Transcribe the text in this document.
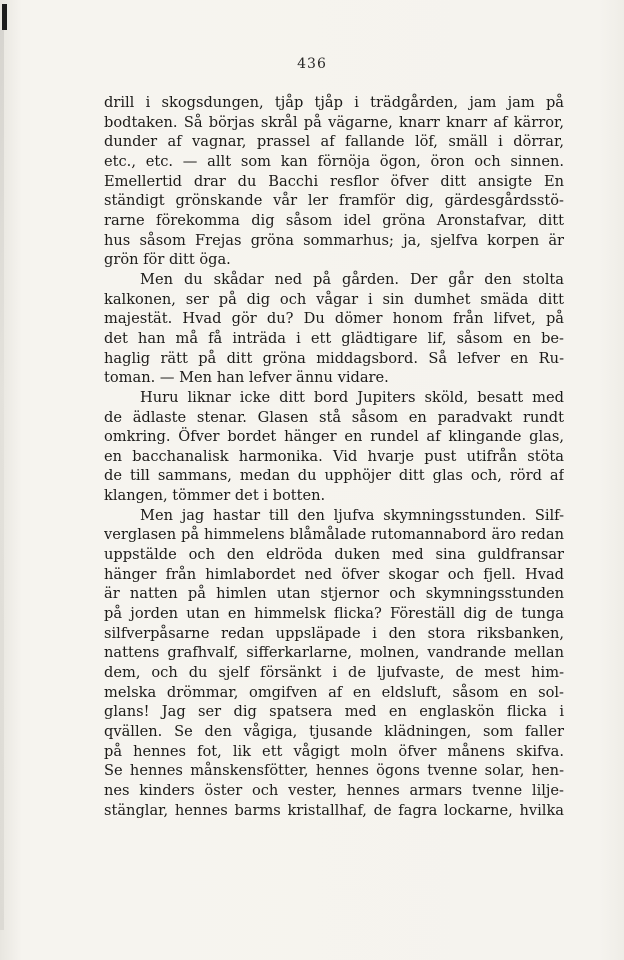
436
drill i skogsdungen, tjåp tjåp i trädgården, jam jam på
bodtaken. Så börjas skrål på vägarne, knarr knarr af kärror,
dunder af vagnar, prassel af fallande löf, smäll i dörrar,
etc., etc. — allt som kan förnöja ögon, öron och sinnen.
Emellertid drar du Bacchi resflor öfver ditt ansigte En
ständigt grönskande vår ler framför dig, gärdesgårdsstö-
rarne förekomma dig såsom idel gröna Aronstafvar, ditt
hus såsom Frejas gröna sommarhus; ja, sjelfva korpen är
grön för ditt öga.
Men du skådar ned på gården. Der går den stolta
kalkonen, ser på dig och vågar i sin dumhet smäda ditt
majestät. Hvad gör du? Du dömer honom från lifvet, på
det han må få inträda i ett glädtigare lif, såsom en be-
haglig rätt på ditt gröna middagsbord. Så lefver en Ru-
toman. — Men han lefver ännu vidare.
Huru liknar icke ditt bord Jupiters sköld, besatt med
de ädlaste stenar. Glasen stå såsom en paradvakt rundt
omkring. Öfver bordet hänger en rundel af klingande glas,
en bacchanalisk harmonika. Vid hvarje pust utifrån stöta
de till sammans, medan du upphöjer ditt glas och, rörd af
klangen, tömmer det i botten.
Men jag hastar till den ljufva skymningsstunden. Silf-
verglasen på himmelens blåmålade rutomannabord äro redan
uppstälde och den eldröda duken med sina guldfransar
hänger från himlabordet ned öfver skogar och fjell. Hvad
är natten på himlen utan stjernor och skymningsstunden
på jorden utan en himmelsk flicka? Föreställ dig de tunga
silfverpåsarne redan uppsläpade i den stora riksbanken,
nattens grafhvalf, sifferkarlarne, molnen, vandrande mellan
dem, och du sjelf försänkt i de ljufvaste, de mest him-
melska drömmar, omgifven af en eldsluft, såsom en sol-
glans! Jag ser dig spatsera med en englaskön flicka i
qvällen. Se den vågiga, tjusande klädningen, som faller
på hennes fot, lik ett vågigt moln öfver månens skifva.
Se hennes månskensfötter, hennes ögons tvenne solar, hen-
nes kinders öster och vester, hennes armars tvenne lilje-
stänglar, hennes barms kristallhaf, de fagra lockarne, hvilka
